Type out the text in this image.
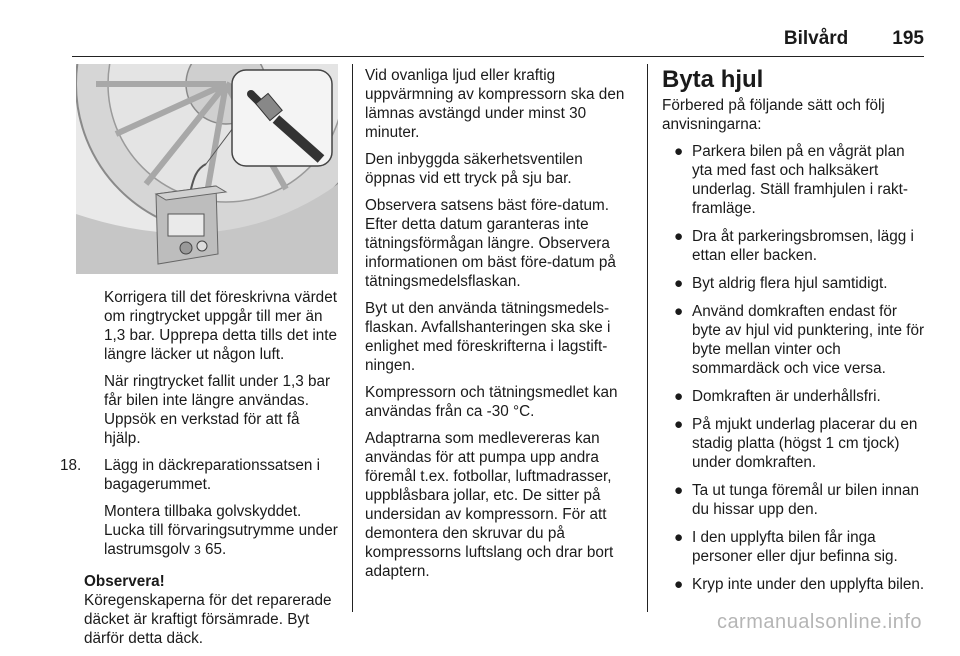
Bilvård 195

Korrigera till det föreskrivna värdet om ringtrycket uppgår till mer än 1,3 bar. Upprepa detta tills det inte längre läcker ut någon luft.

När ringtrycket fallit under 1,3 bar får bilen inte längre användas. Uppsök en verkstad för att få hjälp.

18. Lägg in däckreparationssatsen i bagagerummet.

Montera tillbaka golvskyddet. Lucka till förvaringsutrymme under lastrumsgolv 3 65.

Observera!

Köregenskaperna för det reparerade däcket är kraftigt försämrade. Byt därför detta däck.

Vid ovanliga ljud eller kraftig uppvärmning av kompressorn ska den lämnas avstängd under minst 30 minuter.

Den inbyggda säkerhetsventilen öppnas vid ett tryck på sju bar.

Observera satsens bäst före-datum. Efter detta datum garanteras inte tätningsförmågan längre. Observera informationen om bäst före-datum på tätningsmedelsflaskan.

Byt ut den använda tätningsmedelsflaskan. Avfallshanteringen ska ske i enlighet med föreskrifterna i lagstiftningen.

Kompressorn och tätningsmedlet kan användas från ca -30 °C.

Adaptrarna som medlevereras kan användas för att pumpa upp andra föremål t.ex. fotbollar, luftmadrasser, uppblåsbara jollar, etc. De sitter på undersidan av kompressorn. För att demontera den skruvar du på kompressorns luftslang och drar bort adaptern.

Byta hjul

Förbered på följande sätt och följ anvisningarna:

● Parkera bilen på en vågrät plan yta med fast och halksäkert underlag. Ställ framhjulen i raktframläge.
● Dra åt parkeringsbromsen, lägg i ettan eller backen.
● Byt aldrig flera hjul samtidigt.
● Använd domkraften endast för byte av hjul vid punktering, inte för byte mellan vinter och sommardäck och vice versa.
● Domkraften är underhållsfri.
● På mjukt underlag placerar du en stadig platta (högst 1 cm tjock) under domkraften.
● Ta ut tunga föremål ur bilen innan du hissar upp den.
● I den upplyfta bilen får inga personer eller djur befinna sig.
● Kryp inte under den upplyfta bilen.
carmanualsonline.info
